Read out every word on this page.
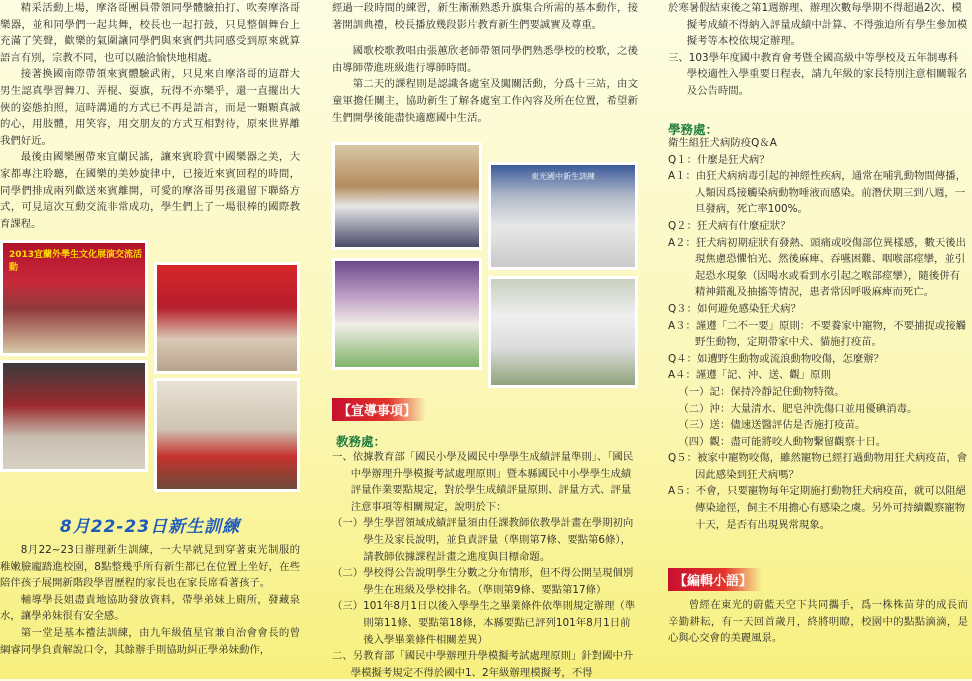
精采活動上場，摩洛哥團員帶領同學體驗拍打、吹奏摩洛哥樂器，並和同學們一起共舞，校長也一起打鼓，只見整個舞台上充滿了笑聲，歡樂的氣圍讓同學們與來賓們共同感受到原來就算語言有別，宗教不同，也可以融洽愉快地相處。

接著換國南際帶領來賓體驗武術，只見來自摩洛哥的這群大男生認真學習舞刀、弄棍、耍旗，玩得不亦樂乎，還一直擺出大俠的姿態拍照，這時溝通的方式已不再是語言，而是一顆顆真誠的心，用肢體，用笑容，用交朋友的方式互相對待，原來世界離我們好近。

最後由國樂團帶來宜蘭民謠，讓來賓聆賞中國樂器之美，大家都專注聆聽，在國樂的美妙旋律中，已接近來賓回程的時間，同學們排成兩列歡送來賓離開，可愛的摩洛哥男孩還留下聯絡方式，可見這次互動交流非常成功，學生們上了一場很棒的國際教育課程。

2013宜蘭外學生文化展演交流活動
8月22-23日新生訓練

8月22~23日辦理新生訓練，一大早就見到穿著東光制服的稚嫩臉龐踏進校園，8點整幾乎所有新生都已在位置上坐好，在些陪伴孩子展開新階段學習歷程的家長也在家長席看著孩子。

輔導學長姐盡責地協助發放資料，帶學弟妹上廁所，發藏泉水，讓學弟妹很有安全感。

第一堂是基本禮法訓練，由九年級值星官兼自治會會長的曾綱睿同學負責解說口令，其餘辦手則協助糾正學弟妹動作，

經過一段時間的練習，新生漸漸熟悉升旗集合所需的基本動作，接著開訓典禮，校長播放幾段影片教育新生們要誠實及尊重。

國歌校歌教唱由張蕙欣老師帶領同學們熟悉學校的校歌，之後由導師帶進班級進行導師時間。

第二天的課程則是認識各處室及闖關活動，分爲十三站，由文童軍擔任關主，協助新生了解各處室工作內容及所在位置，希望新生們開學後能盡快適應國中生活。

東光國中新生訓練
【宣導事項】
教務處：
一、依據教育部「國民小學及國民中學學生成績評量準則」、「國民中學辦理升學模擬考試處理原則」暨本縣國民中小學學生成績評量作業要點規定，對於學生成績評量原則、評量方式、評量注意事項等相關規定，說明於下：
（一）學生學習領域成績評量須由任課教師依教學計畫在學期初向學生及家長說明，並負責評量（準則第7條、要點第6條），請教師依據課程計畫之進度與目標命題。
（二）學校得公告說明學生分數之分布情形，但不得公開呈現個別學生在班級及學校排名。（準則第9條、要點第17條）
（三）101年8月1日以後入學學生之畢業條件依準則規定辦理（準則第11條、要點第18條，本縣要點已評列101年8月1日前後入學畢業條件相關差異）
二、另教育部「國民中學辦理升學模擬考試處理原則」針對國中升學模擬考規定不得於國中1、2年級辦理模擬考，不得
於寒暑假結束後之第1週辦理、辦理次數每學期不得超過2次、模擬考成績不得納入評量成績中計算、不得強迫所有學生參加模擬考等本校依規定辦理。
三、103學年度國中教育會考暨全國高級中等學校及五年制專科學校適性入學重要日程表，請九年級的家長特別注意相關報名及公告時間。
學務處：
衛生組狂犬病防疫Q＆A
Q１：什麼是狂犬病？
A１：由狂犬病病毒引起的神經性疾病，通常在哺乳動物間傳播，人類因爲接觸染病動物唾液而感染。前潛伏期三到八週，一旦發病，死亡率100%。
Q２：狂犬病有什麼症狀？
A２：狂犬病初期症狀有發熱、頭痛或咬傷部位異樣感，數天後出現焦慮恐懼怕光、然後麻痺、吞嚥困難、咽喉部痙攣，並引起恐水現象（因喝水或看到水引起之喉部痙攣），隨後併有精神錯亂及抽搐等情況，患者常因呼吸麻痺而死亡。
Q３：如何避免感染狂犬病？
A３：謹遵「二不一要」原則：不要養家中寵物，不要捕捉或接觸野生動物，定期帶家中犬、貓施打疫苗。
Q４：如遭野生動物或流浪動物咬傷，怎麼辦？
A４：謹遵「記、沖、送、觀」原則
（一）記：保持冷靜記住動物特徵。
（二）沖：大量清水、肥皂沖洗傷口並用優碘消毒。
（三）送：儘速送醫評估是否施打疫苗。
（四）觀：盡可能將咬人動物繫留觀察十日。
Q５：被家中寵物咬傷，雖然寵物已經打過動物用狂犬病疫苗，會因此感染到狂犬病嗎？
A５：不會，只要寵物每年定期施打動物狂犬病疫苗，就可以阻絕傳染途徑，飼主不用擔心有感染之虞。另外可持續觀察寵物十天，是否有出現異常現象。
【編輯小語】

曾經在東光的蔚藍天空下共同攜手，爲一株株苗芽的成長而辛勤耕耘，有一天回首歲月，終將明瞭，校園中的點點滴滴，是心與心交會的美麗風景。
